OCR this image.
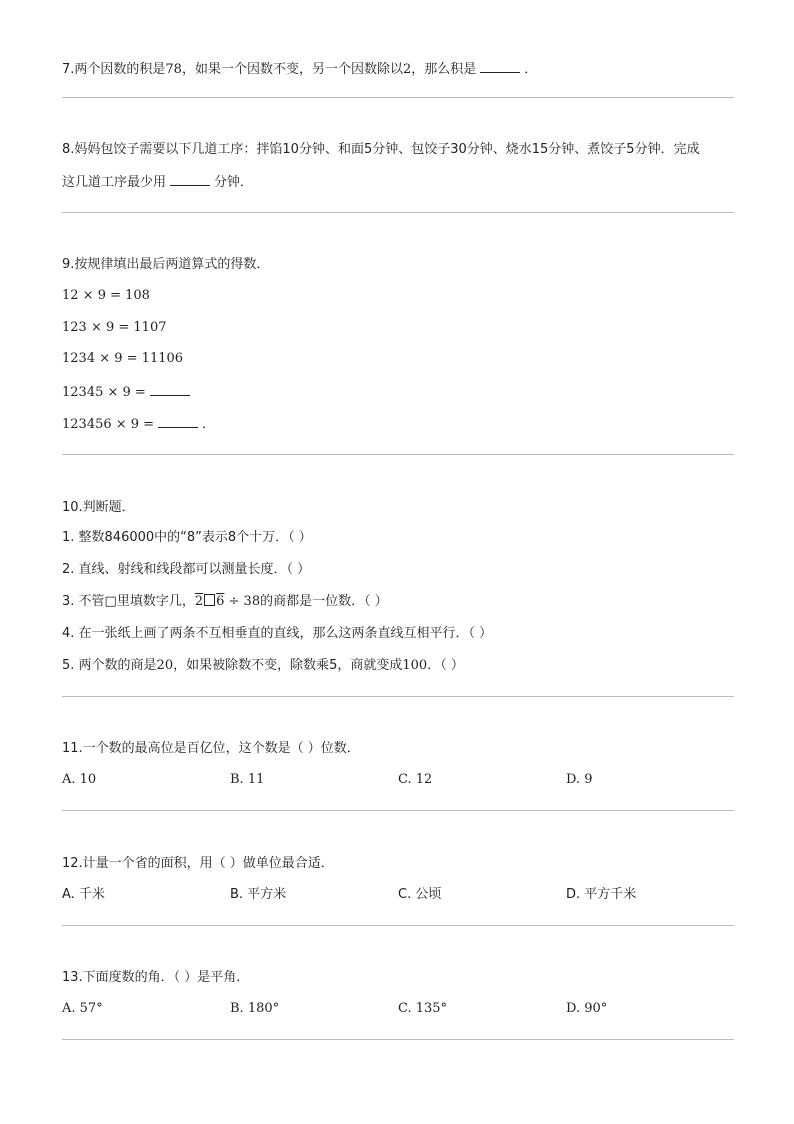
7.两个因数的积是78，如果一个因数不变，另一个因数除以2，那么积是	．
8.妈妈包饺子需要以下几道工序：拌馅10分钟、和面5分钟、包饺子30分钟、烧水15分钟、煮饺子5分钟．完成
这几道工序最少用	分钟．
9.按规律填出最后两道算式的得数．
12 × 9 = 108
123 × 9 = 1107
1234 × 9 = 11106
12345 × 9 =
123456 × 9 =	．
10.判断题．
1. 整数846000中的“8”表示8个十万．（ ）
2. 直线、射线和线段都可以测量长度．（ ）
3. 不管□里填数字几，2 6 ÷ 38的商都是一位数．（ ）
4. 在一张纸上画了两条不互相垂直的直线，那么这两条直线互相平行．（ ）
5. 两个数的商是20，如果被除数不变，除数乘5，商就变成100．（ ）
11.一个数的最高位是百亿位，这个数是（ ）位数．
A. 10	B. 11	C. 12	D. 9
12.计量一个省的面积，用（ ）做单位最合适．
A. 千米	B. 平方米	C. 公顷	D. 平方千米
13.下面度数的角．（ ）是平角．
A. 57°	B. 180°	C. 135°	D. 90°
